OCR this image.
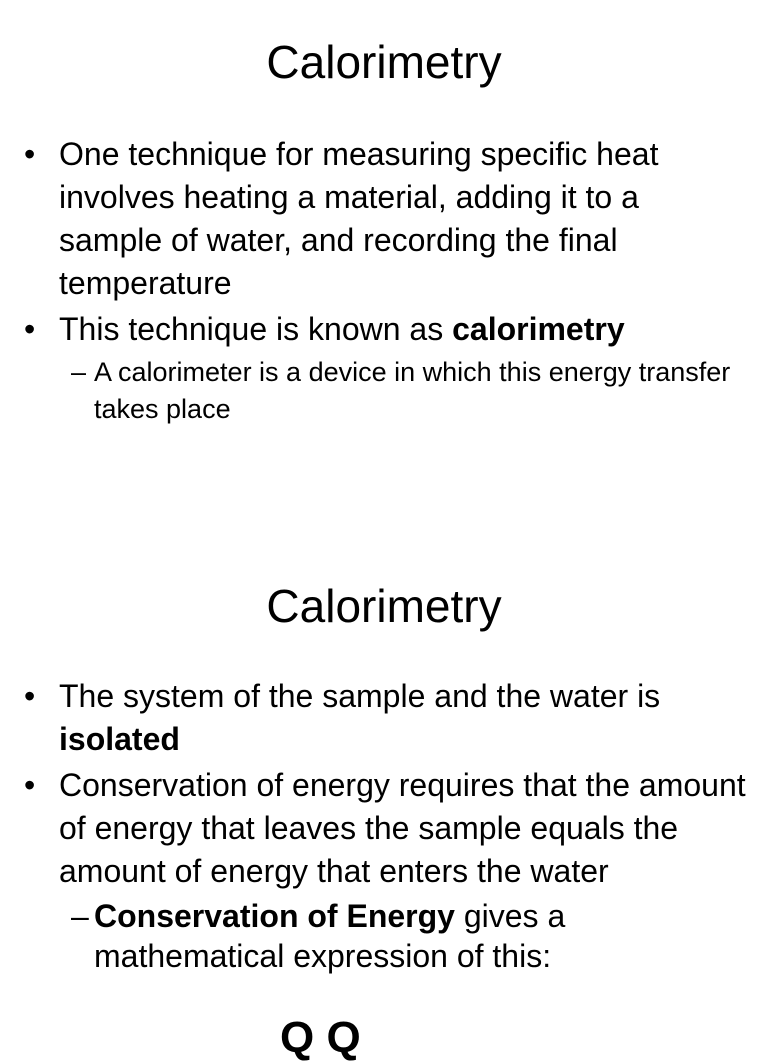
Calorimetry
• One technique for measuring specific heat involves heating a material, adding it to a sample of water, and recording the final temperature
• This technique is known as calorimetry
– A calorimeter is a device in which this energy transfer takes place
Calorimetry
• The system of the sample and the water is isolated
• Conservation of energy requires that the amount of energy that leaves the sample equals the amount of energy that enters the water
– Conservation of Energy gives a mathematical expression of this:
Q Q
